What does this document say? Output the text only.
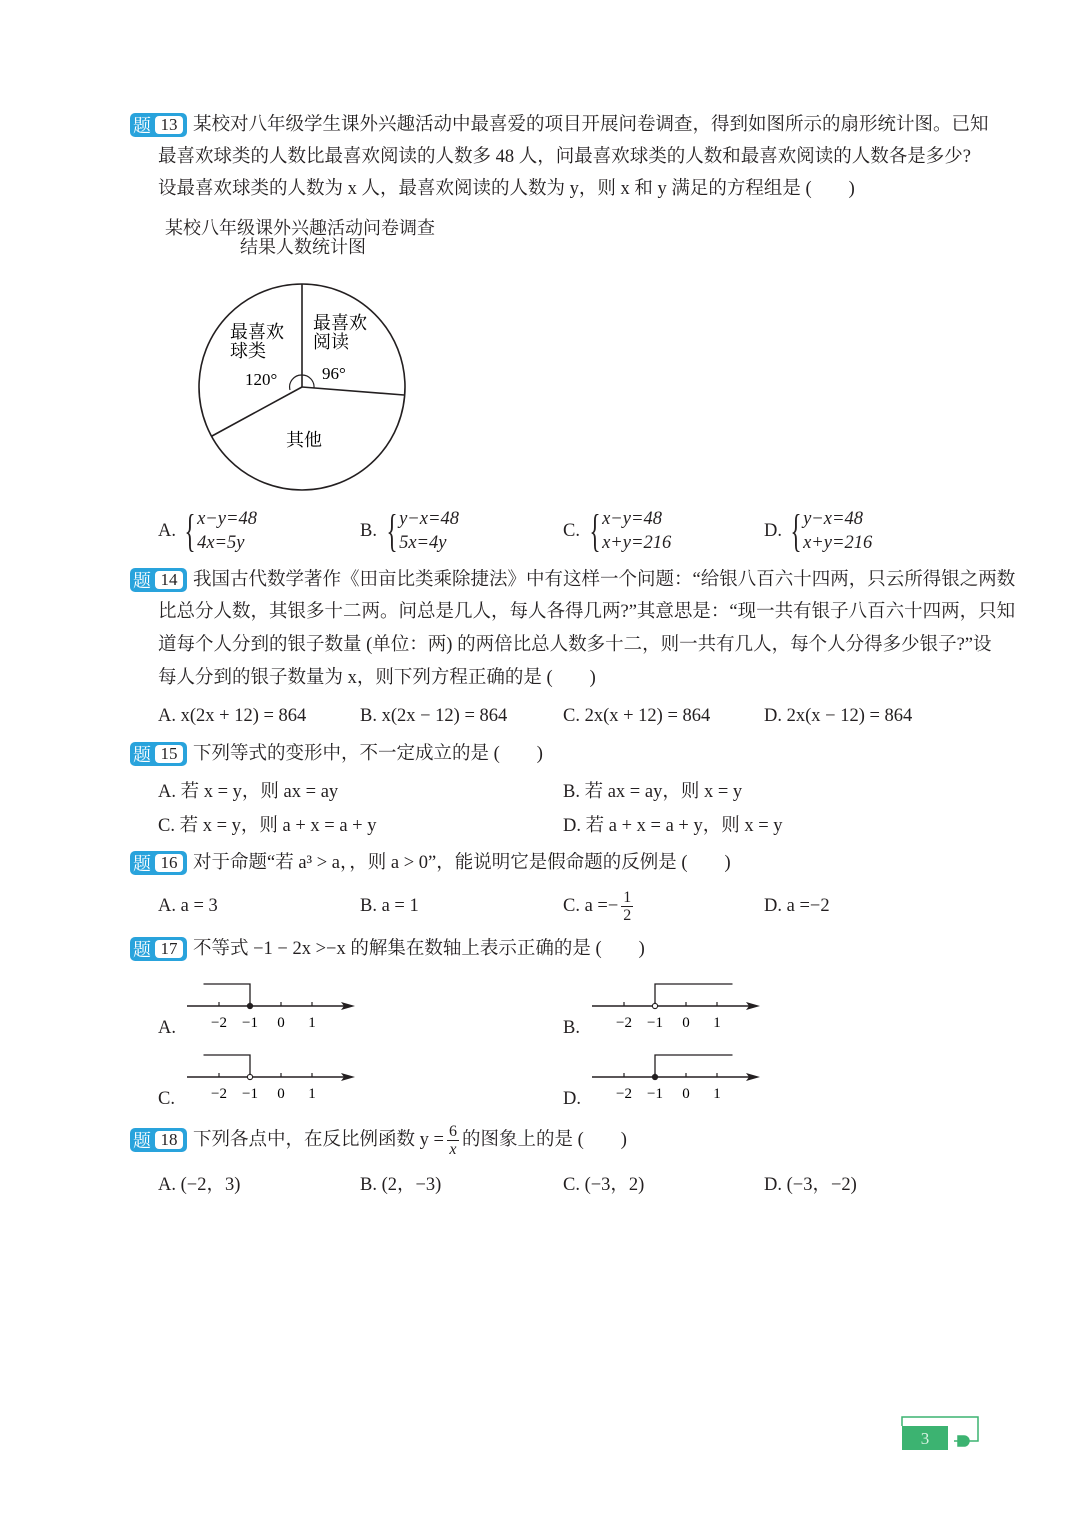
题 13 某校对八年级学生课外兴趣活动中最喜爱的项目开展问卷调查，得到如图所示的扇形统计图。已知
最喜欢球类的人数比最喜欢阅读的人数多 48 人，问最喜欢球类的人数和最喜欢阅读的人数各是多少?
设最喜欢球类的人数为 x 人，最喜欢阅读的人数为 y，则 x 和 y 满足的方程组是 (　　)
某校八年级课外兴趣活动问卷调查
结果人数统计图
最喜欢
球类
120°
最喜欢
阅读
96°
其他
A. { x−y=48
4x=5y
B. { y−x=48
5x=4y
C. { x−y=48
x+y=216
D. { y−x=48
x+y=216
题 14 我国古代数学著作《田亩比类乘除捷法》中有这样一个问题：“给银八百六十四两，只云所得银之两数
比总分人数，其银多十二两。问总是几人，每人各得几两?”其意思是：“现一共有银子八百六十四两，只知
道每个人分到的银子数量 (单位：两) 的两倍比总人数多十二，则一共有几人，每个人分得多少银子?”设
每人分到的银子数量为 x，则下列方程正确的是 (　　)
A. x(2x + 12) = 864	B. x(2x − 12) = 864	C. 2x(x + 12) = 864	D. 2x(x − 12) = 864
题 15 下列等式的变形中，不一定成立的是 (　　)
A. 若 x = y，则 ax = ay	B. 若 ax = ay，则 x = y
C. 若 x = y，则 a + x = a + y	D. 若 a + x = a + y，则 x = y
题 16 对于命题“若 a³ > a，，则 a > 0”，能说明它是假命题的反例是 (　　)
A. a = 3	B. a = 1	C. $a =- \frac{1}{2}$	D. a =−2
题 17 不等式 −1 − 2x >−x 的解集在数轴上表示正确的是 (　　)
A. −2 −1 0 1	B. −2 −1 0 1
C. −2 −1 0 1	D. −2 −1 0 1
题 18 下列各点中，在反比例函数 $y = \frac{6}{x}$ 的图象上的是 (　　)
A. (−2，3)	B. (2，−3)	C. (−3，2)	D. (−3，−2)
3
